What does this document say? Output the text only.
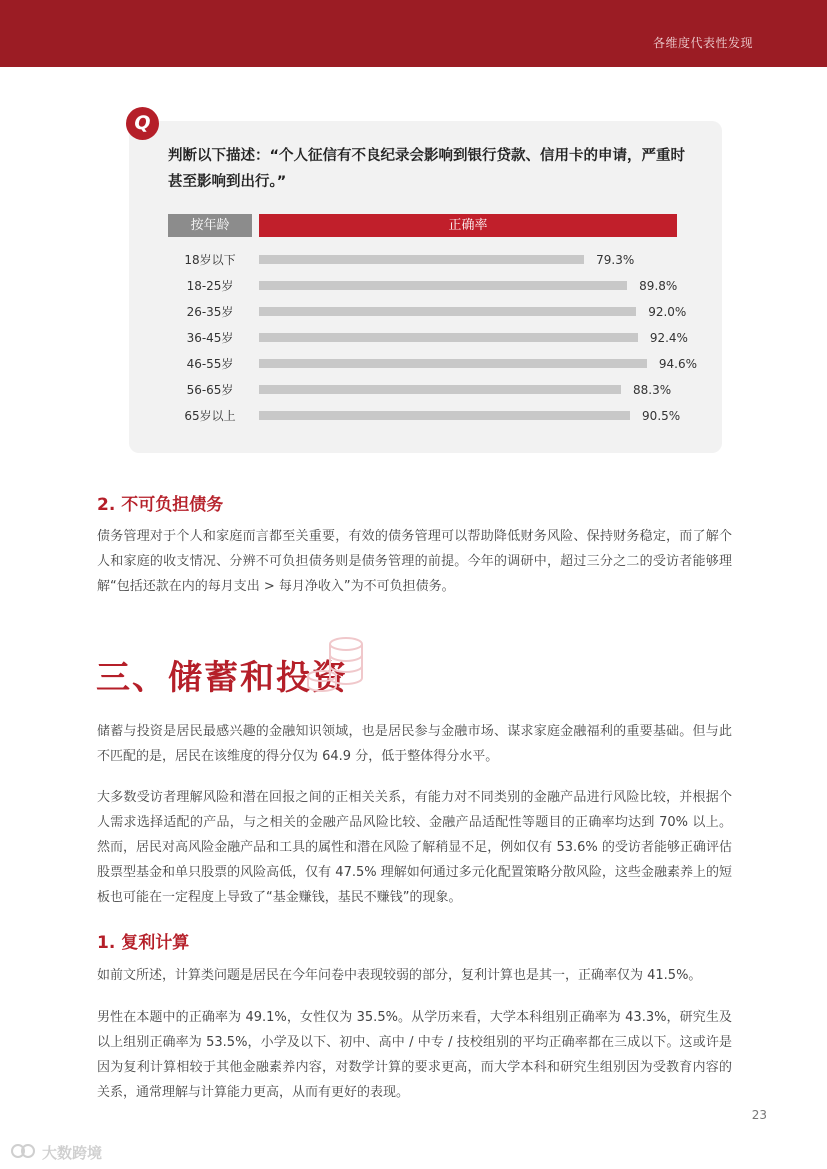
各维度代表性发现
Q
判断以下描述：“个人征信有不良纪录会影响到银行贷款、信用卡的申请，严重时甚至影响到出行。”
按年龄	正确率
18岁以下	79.3%
18-25岁	89.8%
26-35岁	92.0%
36-45岁	92.4%
46-55岁	94.6%
56-65岁	88.3%
65岁以上	90.5%
2. 不可负担债务
债务管理对于个人和家庭而言都至关重要，有效的债务管理可以帮助降低财务风险、保持财务稳定，而了解个人和家庭的收支情况、分辨不可负担债务则是债务管理的前提。今年的调研中，超过三分之二的受访者能够理解“包括还款在内的每月支出 > 每月净收入”为不可负担债务。
三、储蓄和投资
储蓄与投资是居民最感兴趣的金融知识领域，也是居民参与金融市场、谋求家庭金融福利的重要基础。但与此不匹配的是，居民在该维度的得分仅为 64.9 分，低于整体得分水平。
大多数受访者理解风险和潜在回报之间的正相关关系，有能力对不同类别的金融产品进行风险比较，并根据个人需求选择适配的产品，与之相关的金融产品风险比较、金融产品适配性等题目的正确率均达到 70% 以上。然而，居民对高风险金融产品和工具的属性和潜在风险了解稍显不足，例如仅有 53.6% 的受访者能够正确评估股票型基金和单只股票的风险高低，仅有 47.5% 理解如何通过多元化配置策略分散风险，这些金融素养上的短板也可能在一定程度上导致了“基金赚钱，基民不赚钱”的现象。
1. 复利计算
如前文所述，计算类问题是居民在今年问卷中表现较弱的部分，复利计算也是其一，正确率仅为 41.5%。
男性在本题中的正确率为 49.1%，女性仅为 35.5%。从学历来看，大学本科组别正确率为 43.3%，研究生及以上组别正确率为 53.5%，小学及以下、初中、高中 / 中专 / 技校组别的平均正确率都在三成以下。这或许是因为复利计算相较于其他金融素养内容，对数学计算的要求更高，而大学本科和研究生组别因为受教育内容的关系，通常理解与计算能力更高，从而有更好的表现。
23
大数跨境
